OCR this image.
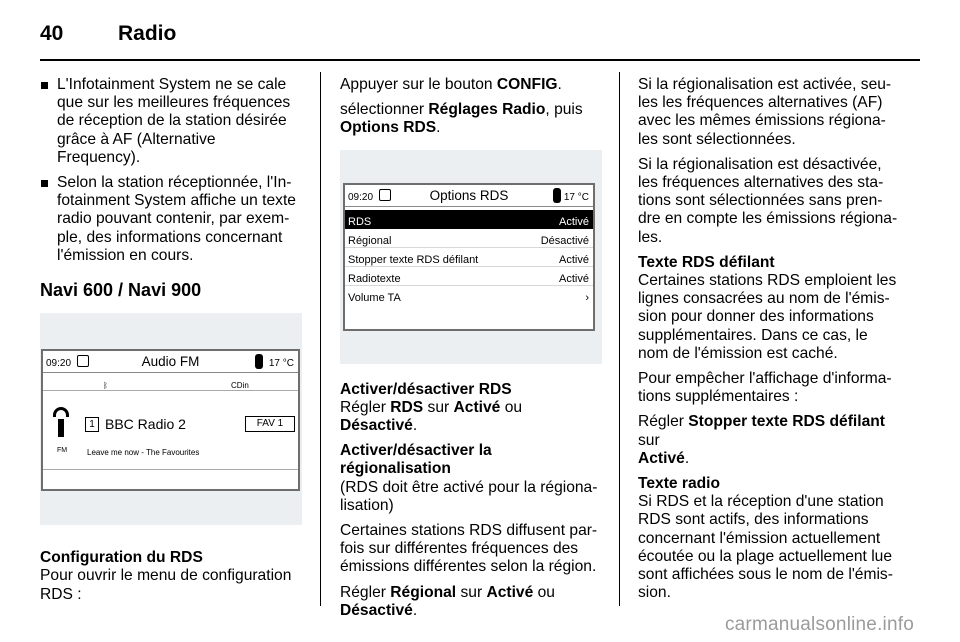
40	Radio
L'Infotainment System ne se cale que sur les meilleures fréquences de réception de la station désirée grâce à AF (Alternative Frequency).
Selon la station réceptionnée, l'In-fotainment System affiche un texte radio pouvant contenir, par exem-ple, des informations concernant l'émission en cours.
Navi 600 / Navi 900
09:20	Audio FM	17 °C
ᛒ	CDin
FM
1 BBC Radio 2	FAV 1
Leave me now - The Favourites
Configuration du RDS
Pour ouvrir le menu de configuration RDS :
Appuyer sur le bouton CONFIG.
sélectionner Réglages Radio, puis Options RDS.
09:20	Options RDS	17 °C
RDS	Activé
Régional	Désactivé
Stopper texte RDS défilant	Activé
Radiotexte	Activé
Volume TA	⁠›
Activer/désactiver RDS
Régler RDS sur Activé ou Désactivé.
Activer/désactiver la régionalisation
(RDS doit être activé pour la régiona-lisation)
Certaines stations RDS diffusent par-fois sur différentes fréquences des émissions différentes selon la région.
Régler Régional sur Activé ou
Désactivé.
Si la régionalisation est activée, seu-les les fréquences alternatives (AF) avec les mêmes émissions régiona-les sont sélectionnées.
Si la régionalisation est désactivée, les fréquences alternatives des sta-tions sont sélectionnées sans pren-dre en compte les émissions régiona-les.
Texte RDS défilant
Certaines stations RDS emploient les lignes consacrées au nom de l'émis-sion pour donner des informations supplémentaires. Dans ce cas, le nom de l'émission est caché.
Pour empêcher l'affichage d'informa-tions supplémentaires :
Régler Stopper texte RDS défilant sur
Activé.
Texte radio
Si RDS et la réception d'une station RDS sont actifs, des informations concernant l'émission actuellement écoutée ou la plage actuellement lue sont affichées sous le nom de l'émis-sion.
carmanualsonline.info
